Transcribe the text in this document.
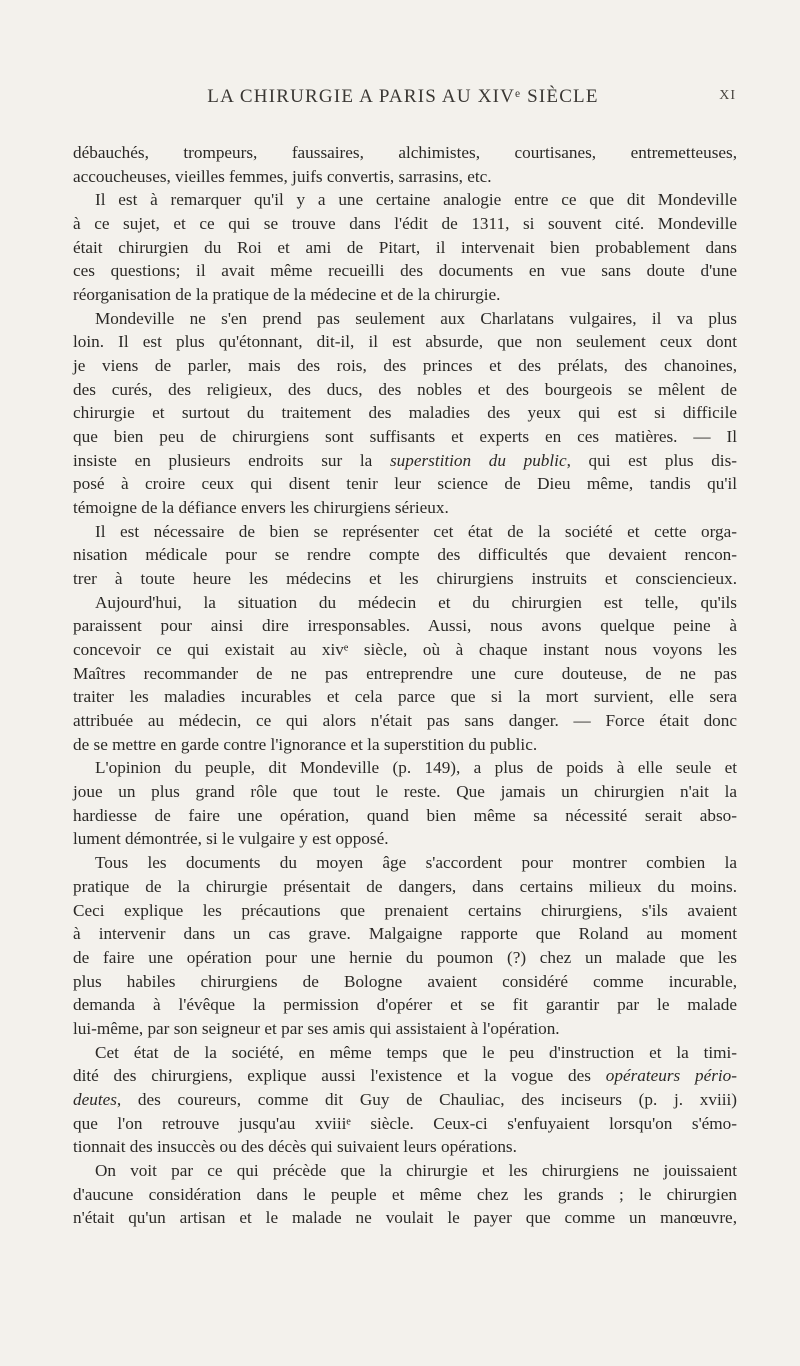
LA CHIRURGIE A PARIS AU XIVᵉ SIÈCLE	XI
débauchés, trompeurs, faussaires, alchimistes, courtisanes, entremetteuses,
accoucheuses, vieilles femmes, juifs convertis, sarrasins, etc.
Il est à remarquer qu'il y a une certaine analogie entre ce que dit Mondeville
à ce sujet, et ce qui se trouve dans l'édit de 1311, si souvent cité. Mondeville
était chirurgien du Roi et ami de Pitart, il intervenait bien probablement dans
ces questions; il avait même recueilli des documents en vue sans doute d'une
réorganisation de la pratique de la médecine et de la chirurgie.
Mondeville ne s'en prend pas seulement aux Charlatans vulgaires, il va plus
loin. Il est plus qu'étonnant, dit-il, il est absurde, que non seulement ceux dont
je viens de parler, mais des rois, des princes et des prélats, des chanoines,
des curés, des religieux, des ducs, des nobles et des bourgeois se mêlent de
chirurgie et surtout du traitement des maladies des yeux qui est si difficile
que bien peu de chirurgiens sont suffisants et experts en ces matières. — Il
insiste en plusieurs endroits sur la superstition du public, qui est plus dis-
posé à croire ceux qui disent tenir leur science de Dieu même, tandis qu'il
témoigne de la défiance envers les chirurgiens sérieux.
Il est nécessaire de bien se représenter cet état de la société et cette orga-
nisation médicale pour se rendre compte des difficultés que devaient rencon-
trer à toute heure les médecins et les chirurgiens instruits et consciencieux.
Aujourd'hui, la situation du médecin et du chirurgien est telle, qu'ils
paraissent pour ainsi dire irresponsables. Aussi, nous avons quelque peine à
concevoir ce qui existait au xivᵉ siècle, où à chaque instant nous voyons les
Maîtres recommander de ne pas entreprendre une cure douteuse, de ne pas
traiter les maladies incurables et cela parce que si la mort survient, elle sera
attribuée au médecin, ce qui alors n'était pas sans danger. — Force était donc
de se mettre en garde contre l'ignorance et la superstition du public.
L'opinion du peuple, dit Mondeville (p. 149), a plus de poids à elle seule et
joue un plus grand rôle que tout le reste. Que jamais un chirurgien n'ait la
hardiesse de faire une opération, quand bien même sa nécessité serait abso-
lument démontrée, si le vulgaire y est opposé.
Tous les documents du moyen âge s'accordent pour montrer combien la
pratique de la chirurgie présentait de dangers, dans certains milieux du moins.
Ceci explique les précautions que prenaient certains chirurgiens, s'ils avaient
à intervenir dans un cas grave. Malgaigne rapporte que Roland au moment
de faire une opération pour une hernie du poumon (?) chez un malade que les
plus habiles chirurgiens de Bologne avaient considéré comme incurable,
demanda à l'évêque la permission d'opérer et se fit garantir par le malade
lui-même, par son seigneur et par ses amis qui assistaient à l'opération.
Cet état de la société, en même temps que le peu d'instruction et la timi-
dité des chirurgiens, explique aussi l'existence et la vogue des opérateurs pério-
deutes, des coureurs, comme dit Guy de Chauliac, des inciseurs (p. j. xviii)
que l'on retrouve jusqu'au xviiiᵉ siècle. Ceux-ci s'enfuyaient lorsqu'on s'émo-
tionnait des insuccès ou des décès qui suivaient leurs opérations.
On voit par ce qui précède que la chirurgie et les chirurgiens ne jouissaient
d'aucune considération dans le peuple et même chez les grands ; le chirurgien
n'était qu'un artisan et le malade ne voulait le payer que comme un manœuvre,
